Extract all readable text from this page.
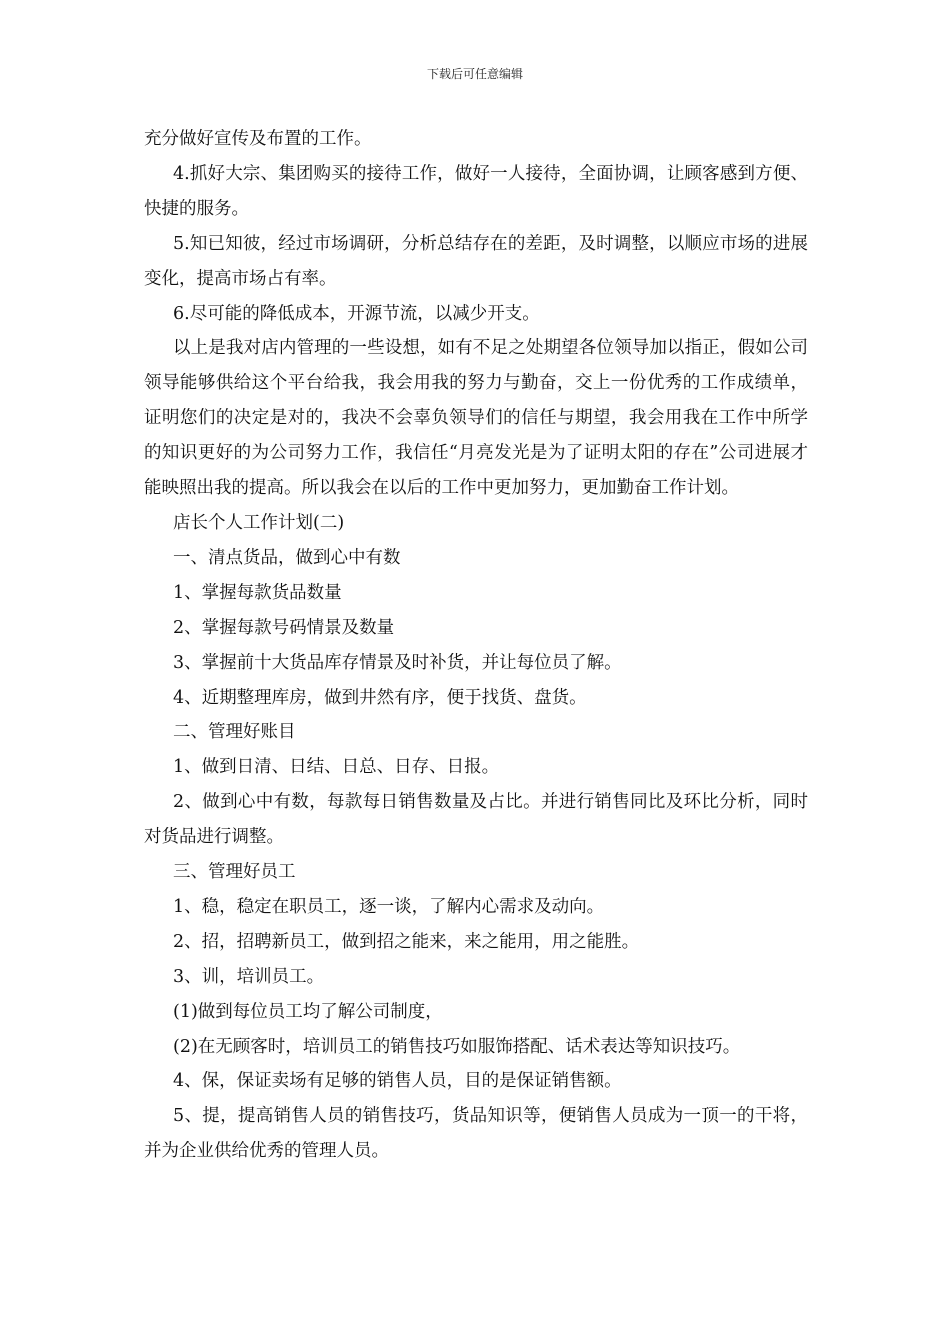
下载后可任意编辑

充分做好宣传及布置的工作。

4.抓好大宗、集团购买的接待工作，做好一人接待，全面协调，让顾客感到方便、快捷的服务。

5.知已知彼，经过市场调研，分析总结存在的差距，及时调整，以顺应市场的进展变化，提高市场占有率。

6.尽可能的降低成本，开源节流，以减少开支。

以上是我对店内管理的一些设想，如有不足之处期望各位领导加以指正，假如公司领导能够供给这个平台给我，我会用我的努力与勤奋，交上一份优秀的工作成绩单，证明您们的决定是对的，我决不会辜负领导们的信任与期望，我会用我在工作中所学的知识更好的为公司努力工作，我信任“月亮发光是为了证明太阳的存在”公司进展才能映照出我的提高。所以我会在以后的工作中更加努力，更加勤奋工作计划。

店长个人工作计划(二)

一、清点货品，做到心中有数

1、掌握每款货品数量

2、掌握每款号码情景及数量

3、掌握前十大货品库存情景及时补货，并让每位员了解。

4、近期整理库房，做到井然有序，便于找货、盘货。

二、管理好账目

1、做到日清、日结、日总、日存、日报。

2、做到心中有数，每款每日销售数量及占比。并进行销售同比及环比分析，同时对货品进行调整。

三、管理好员工

1、稳，稳定在职员工，逐一谈，了解内心需求及动向。

2、招，招聘新员工，做到招之能来，来之能用，用之能胜。

3、训，培训员工。

(1)做到每位员工均了解公司制度，

(2)在无顾客时，培训员工的销售技巧如服饰搭配、话术表达等知识技巧。

4、保，保证卖场有足够的销售人员，目的是保证销售额。

5、提，提高销售人员的销售技巧，货品知识等，便销售人员成为一顶一的干将，并为企业供给优秀的管理人员。
